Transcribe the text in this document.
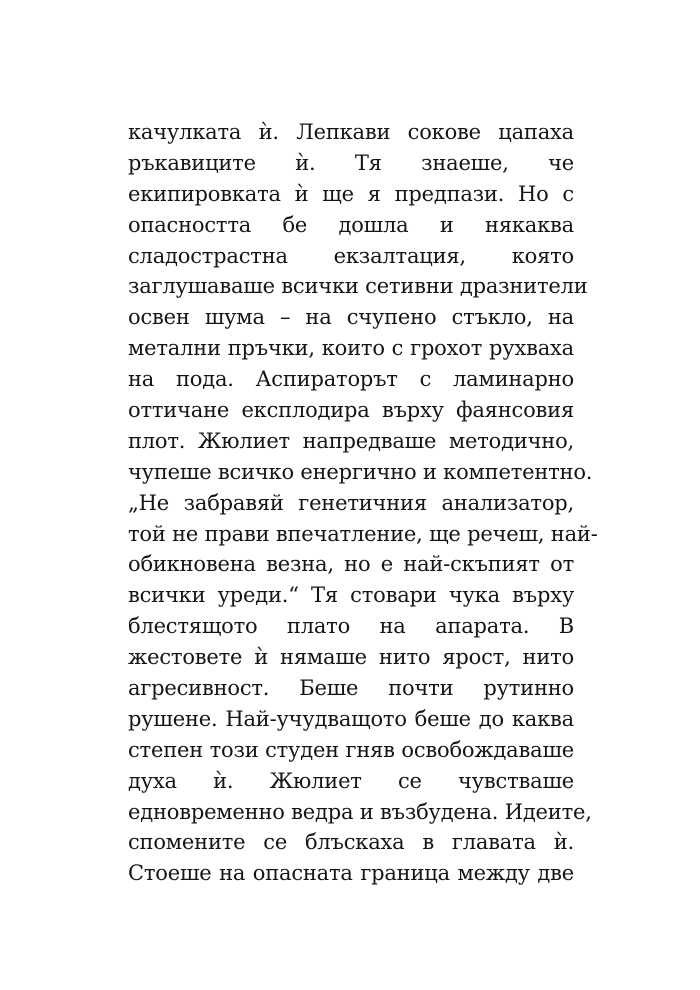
качулката ѝ. Лепкави сокове цапаха
ръкавиците ѝ. Тя знаеше, че
екипировката ѝ ще я предпази. Но с
опасността бе дошла и някаква
сладострастна екзалтация, която
заглушаваше всички сетивни дразнители
освен шума – на счупено стъкло, на
метални пръчки, които с грохот рухваха
на пода. Аспираторът с ламинарно
оттичане експлодира върху фаянсовия
плот. Жюлиет напредваше методично,
чупеше всичко енергично и компетентно.
„Не забравяй генетичния анализатор,
той не прави впечатление, ще речеш, най-
обикновена везна, но е най-скъпият от
всички уреди.“ Тя стовари чука върху
блестящото плато на апарата. В
жестовете ѝ нямаше нито ярост, нито
агресивност. Беше почти рутинно
рушене. Най-учудващото беше до каква
степен този студен гняв освобождаваше
духа ѝ. Жюлиет се чувстваше
едновременно ведра и възбудена. Идеите,
спомените се блъскаха в главата ѝ.
Стоеше на опасната граница между две
